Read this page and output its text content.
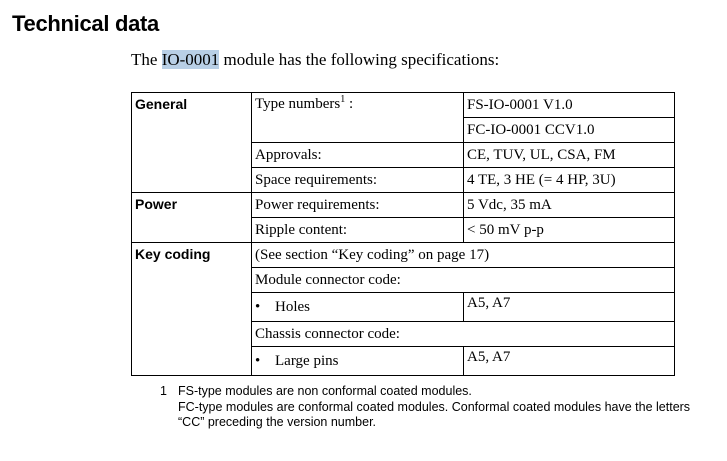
Technical data
The IO-0001 module has the following specifications:
General	Type numbers$^1$ :	FS-IO-0001 V1.0
		FC-IO-0001 CCV1.0
	Approvals:	CE, TUV, UL, CSA, FM
	Space requirements:	4 TE, 3 HE (= 4 HP, 3U)
Power	Power requirements:	5 Vdc, 35 mA
	Ripple content:	< 50 mV p-p
Key coding	(See section “Key coding” on page 17)	
	Module connector code:	
	• Holes	A5, A7
	Chassis connector code:	
	• Large pins	A5, A7
1 FS-type modules are non conformal coated modules.
FC-type modules are conformal coated modules. Conformal coated modules have the letters
“CC” preceding the version number.
